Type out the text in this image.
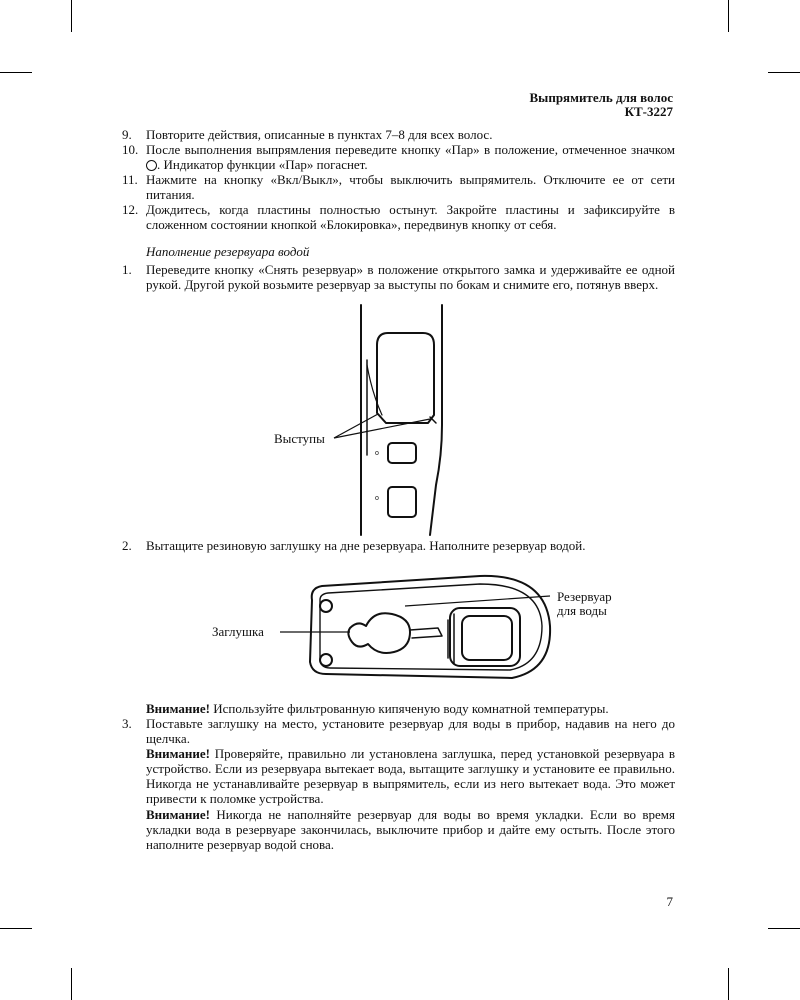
Выпрямитель для волос
КТ-3227

9. Повторите действия, описанные в пунктах 7–8 для всех волос.

10. После выполнения выпрямления переведите кнопку «Пар» в положение, отмеченное значком . Индикатор функции «Пар» погаснет.

11. Нажмите на кнопку «Вкл/Выкл», чтобы выключить выпрямитель. Отключите ее от сети питания.

12. Дождитесь, когда пластины полностью остынут. Закройте пластины и зафиксируйте в сложенном состоянии кнопкой «Блокировка», передвинув кнопку от себя.

Наполнение резервуара водой

1. Переведите кнопку «Снять резервуар» в положение открытого замка и удерживайте ее одной рукой. Другой рукой возьмите резервуар за выступы по бокам и снимите его, потянув вверх.

o
o
Выступы

2. Вытащите резиновую заглушку на дне резервуара. Наполните резервуар водой.

Заглушка
Резервуар
для воды
Внимание! Используйте фильтрованную кипяченую воду комнатной температуры.

3. Поставьте заглушку на место, установите резервуар для воды в прибор, надавив на него до щелчка.

Внимание! Проверяйте, правильно ли установлена заглушка, перед установкой резервуара в устройство. Если из резервуара вытекает вода, вытащите заглушку и установите ее правильно. Никогда не устанавливайте резервуар в выпрямитель, если из него вытекает вода. Это может привести к поломке устройства.
Внимание! Никогда не наполняйте резервуар для воды во время укладки. Если во время укладки вода в резервуаре закончилась, выключите прибор и дайте ему остыть. После этого наполните резервуар водой снова.
7
